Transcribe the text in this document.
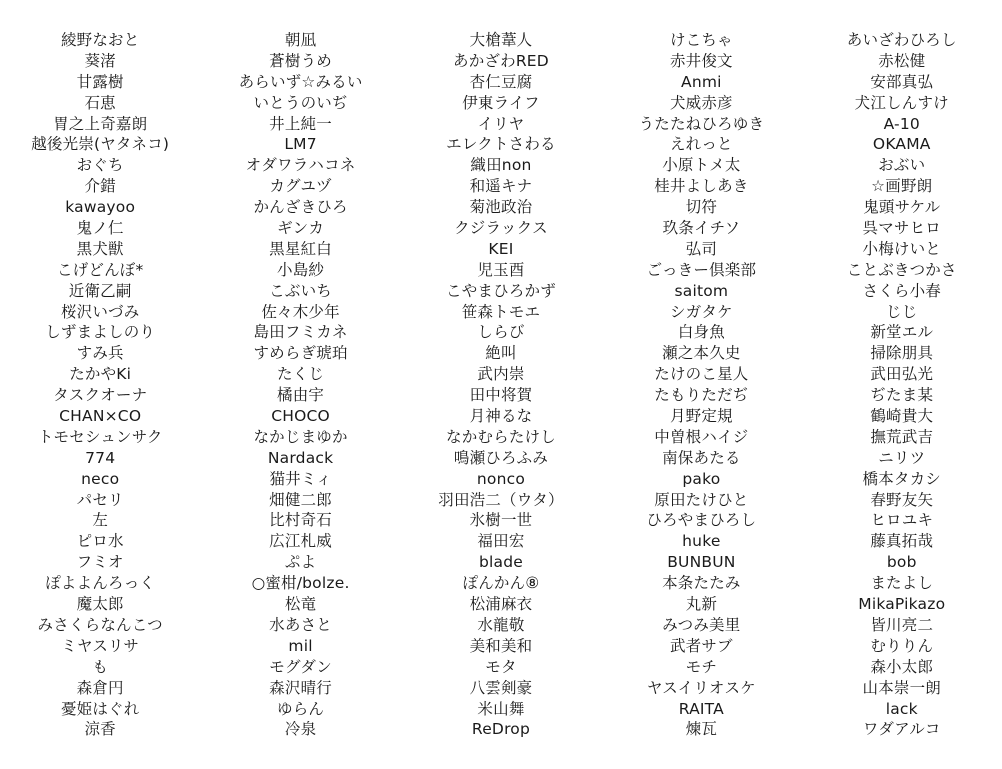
綾野なおと
葵渚
甘露樹
石恵
胃之上奇嘉朗
越後光崇(ヤタネコ)
おぐち
介錯
kawayoo
鬼ノ仁
黒犬獣
こげどんぼ*
近衛乙嗣
桜沢いづみ
しずまよしのり
すみ兵
たかやKi
タスクオーナ
CHAN×CO
トモセシュンサク
774
neco
パセリ
左
ピロ水
フミオ
ぽよよんろっく
魔太郎
みさくらなんこつ
ミヤスリサ
も
森倉円
憂姫はぐれ
涼香
朝凪
蒼樹うめ
あらいず☆みるい
いとうのいぢ
井上純一
LM7
オダワラハコネ
カグユヅ
かんざきひろ
ギンカ
黒星紅白
小島紗
こぶいち
佐々木少年
島田フミカネ
すめらぎ琥珀
たくじ
橘由宇
CHOCO
なかじまゆか
Nardack
猫井ミィ
畑健二郎
比村奇石
広江札威
ぷよ
○蜜柑/bolze.
松竜
水あさと
mil
モグダン
森沢晴行
ゆらん
冷泉
大槍葦人
あかざわRED
杏仁豆腐
伊東ライフ
イリヤ
エレクトさわる
織田non
和遥キナ
菊池政治
クジラックス
KEI
児玉酉
こやまひろかず
笹森トモエ
しらび
絶叫
武内崇
田中将賀
月神るな
なかむらたけし
鳴瀬ひろふみ
nonco
羽田浩二（ウタ）
氷樹一世
福田宏
blade
ぽんかん⑧
松浦麻衣
水龍敬
美和美和
モタ
八雲剣豪
米山舞
ReDrop
けこちゃ
赤井俊文
Anmi
犬威赤彦
うたたねひろゆき
えれっと
小原トメ太
桂井よしあき
切符
玖条イチソ
弘司
ごっきー倶楽部
saitom
シガタケ
白身魚
瀬之本久史
たけのこ星人
たもりただぢ
月野定規
中曽根ハイジ
南保あたる
pako
原田たけひと
ひろやまひろし
huke
BUNBUN
本条たたみ
丸新
みつみ美里
武者サブ
モチ
ヤスイリオスケ
RAITA
煉瓦
あいざわひろし
赤松健
安部真弘
犬江しんすけ
A-10
OKAMA
おぶい
☆画野朗
鬼頭サケル
呉マサヒロ
小梅けいと
ことぶきつかさ
さくら小春
じじ
新堂エル
掃除朋具
武田弘光
ぢたま某
鶴崎貴大
撫荒武吉
ニリツ
橋本タカシ
春野友矢
ヒロユキ
藤真拓哉
bob
またよし
MikaPikazo
皆川亮二
むりりん
森小太郎
山本崇一朗
lack
ワダアルコ
